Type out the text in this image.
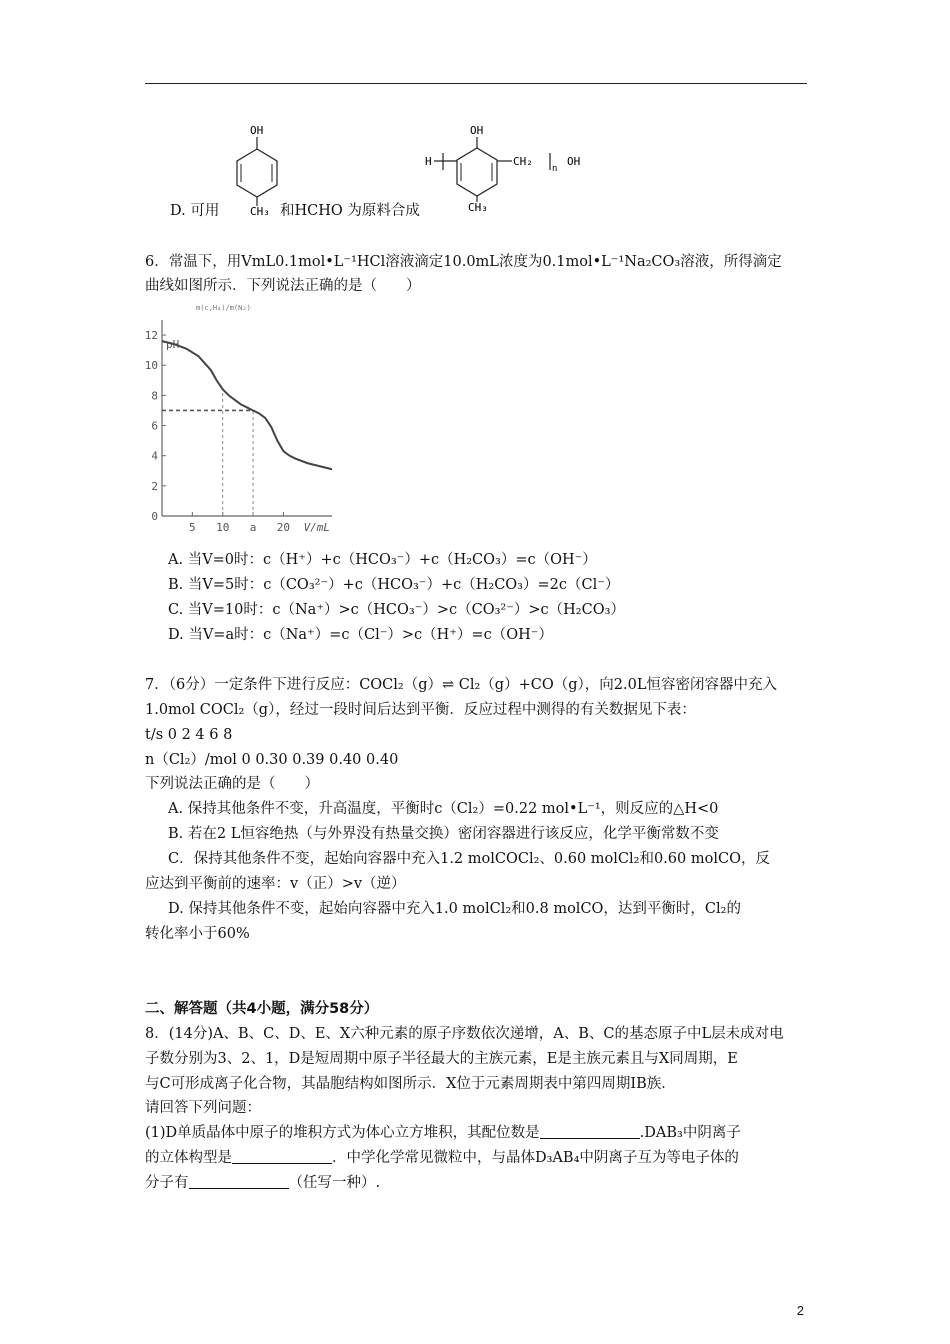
OH
CH₃
OH
H	CH₂
n
OH
CH₃
D. 可用	和HCHO 为原料合成
6．常温下，用VmL0.1mol•L⁻¹HCl溶液滴定10.0mL浓度为0.1mol•L⁻¹Na₂CO₃溶液，所得滴定
曲线如图所示．下列说法正确的是（　　）
m(c,H₄)/m(N₂)
0
2
4
6
8
10
12
5 10 a 20
pH
V/mL
A. 当V=0时：c（H⁺）+c（HCO₃⁻）+c（H₂CO₃）=c（OH⁻）
B. 当V=5时：c（CO₃²⁻）+c（HCO₃⁻）+c（H₂CO₃）=2c（Cl⁻）
C. 当V=10时：c（Na⁺）>c（HCO₃⁻）>c（CO₃²⁻）>c（H₂CO₃）
D. 当V=a时：c（Na⁺）=c（Cl⁻）>c（H⁺）=c（OH⁻）
7．（6分）一定条件下进行反应：COCl₂（g）⇌ Cl₂（g）+CO（g），向2.0L恒容密闭容器中充入
1.0mol COCl₂（g），经过一段时间后达到平衡．反应过程中测得的有关数据见下表：
t/s 0 2 4 6 8
n（Cl₂）/mol 0 0.30 0.39 0.40 0.40
下列说法正确的是（　　）
A. 保持其他条件不变，升高温度，平衡时c（Cl₂）=0.22 mol•L⁻¹，则反应的△H<0
B. 若在2 L恒容绝热（与外界没有热量交换）密闭容器进行该反应，化学平衡常数不变
C．保持其他条件不变，起始向容器中充入1.2 molCOCl₂、0.60 molCl₂和0.60 molCO，反
应达到平衡前的速率：v（正）>v（逆）
D. 保持其他条件不变，起始向容器中充入1.0 molCl₂和0.8 molCO，达到平衡时，Cl₂的
转化率小于60%
二、解答题（共4小题，满分58分）
8．(14分)A、B、C、D、E、X六种元素的原子序数依次递增，A、B、C的基态原子中L层未成对电
子数分别为3、2、1，D是短周期中原子半径最大的主族元素，E是主族元素且与X同周期，E
与C可形成离子化合物，其晶胞结构如图所示．X位于元素周期表中第四周期ⅠB族．
请回答下列问题：
(1)D单质晶体中原子的堆积方式为体心立方堆积，其配位数是	.DAB₃中阴离子
的立体构型是	．中学化学常见微粒中，与晶体D₃AB₄中阴离子互为等电子体的
分子有	（任写一种）.
2
